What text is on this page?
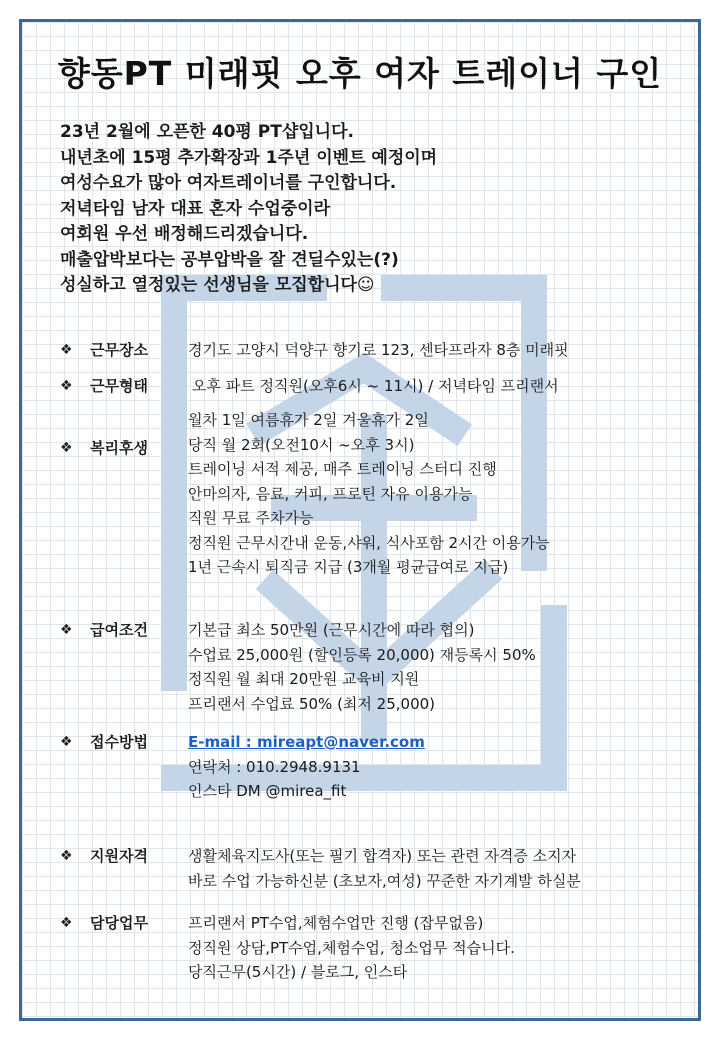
향동PT 미래핏 오후 여자 트레이너 구인
23년 2월에 오픈한 40평 PT샵입니다.
내년초에 15평 추가확장과 1주년 이벤트 예정이며
여성수요가 많아 여자트레이너를 구인합니다.
저녁타임 남자 대표 혼자 수업중이라
여회원 우선 배정해드리겠습니다.
매출압박보다는 공부압박을 잘 견딜수있는(?)
성실하고 열정있는 선생님을 모집합니다☺
❖ 근무장소	경기도 고양시 덕양구 향기로 123, 센타프라자 8층 미래핏
❖ 근무형태	오후 파트 정직원(오후6시 ~ 11시) / 저녁타임 프리랜서
❖ 복리후생
월차 1일 여름휴가 2일 겨울휴가 2일
당직 월 2회(오전10시 ~오후 3시)
트레이닝 서적 제공, 매주 트레이닝 스터디 진행
안마의자, 음료, 커피, 프로틴 자유 이용가능
직원 무료 주차가능
정직원 근무시간내 운동,샤워, 식사포함 2시간 이용가능
1년 근속시 퇴직금 지급 (3개월 평균급여로 지급)
❖ 급여조건	기본급 최소 50만원 (근무시간에 따라 협의)
수업료 25,000원 (할인등록 20,000) 재등록시 50%
정직원 월 최대 20만원 교육비 지원
프리랜서 수업료 50% (최저 25,000)
❖ 접수방법	E-mail : mireapt@naver.com
연락처 : 010.2948.9131
인스타 DM @mirea_fit
❖ 지원자격	생활체육지도사(또는 필기 합격자) 또는 관련 자격증 소지자
바로 수업 가능하신분 (초보자,여성) 꾸준한 자기계발 하실분
❖ 담당업무	프리랜서 PT수업,체험수업만 진행 (잡무없음)
정직원 상담,PT수업,체험수업, 청소업무 적습니다.
당직근무(5시간) / 블로그, 인스타
